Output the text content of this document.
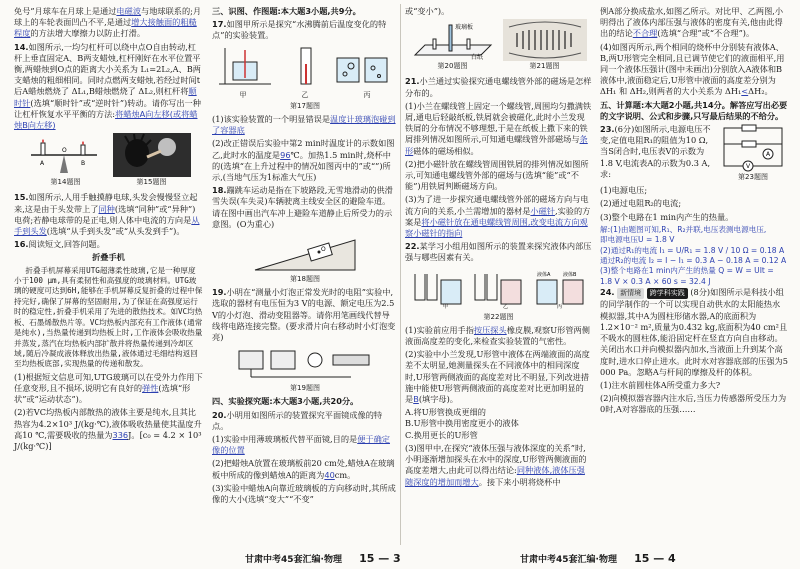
免号”月球车在月球上是通过电磁波与地球联系的;月球上的车轮表面凹凸不平,是通过增大接触面的粗糙程度的方法增大摩擦力以防止打滑。

14.如图所示,一均匀杠杆可以绕中点O自由转动,杠杆上垂直固定A、B两支蜡烛,杠杆刚好在水平位置平衡,两蜡烛到O点的距离大小关系为 L₁=2L₂,A、B两支蜡烛的粗细相同。同时点燃两支蜡烛,若经过时间t后A蜡烛燃烧了 ΔL₁,B蜡烛燃烧了 ΔL₂,则杠杆将顺时针(选填“顺时针”或“逆时针”)转动。请你写出一种让杠杆恢复水平平衡的方法:将蜡烛A向左移(或将蜡烛B向左移)

A	B
O
第14题图	第15题图

15.如图所示,人用手触摸静电球,头发会慢慢竖立起来,这是由于头发带上了同种(选填“同种”或“异种”)电荷;若静电球带的是正电,则人体中电流的方向是从手到头发(选填“从手到头发”或“从头发到手”)。

16.阅读短文,回答问题。

折叠手机

折叠手机屏幕采用UTG超薄柔性玻璃,它是一种厚度小于100 μm,具有柔韧性和高强度的玻璃材料。UTG玻璃的硬度可达到6H,能够在手机屏幕反复折叠的过程中保持完好,确保了屏幕的坚固耐用,为了保证在高强度运行时的稳定性,折叠手机采用了先进的散热技术。如VC均热板、石墨烯散热片等。VC均热板内部充有工作液体(通常是纯水),当热量传递到均热板上时,工作液体会吸收热量并蒸发,蒸汽在均热板内部扩散并将热量传递到冷却区域,随后冷凝成液体释放出热量,液体通过毛细结构返回至均热板底部,实现热量的传递和散发。

(1)根据短文信息可知,UTG玻璃可以在受外力作用下任意变形,且不损坏,说明它有良好的弹性(选填“形状”或“运动状态”)。

(2)若VC均热板内部散热的液体主要是纯水,且其比热容为4.2×10³ J/(kg·℃),液体吸收热量使其温度升高10 ℃,需要吸收的热量为336J。[c₀ = 4.2 × 10³ J/(kg·℃)]

三、识图、作图题:本大题3小题,共9分。

17.如图甲所示是探究“水沸腾前后温度变化的特点”的实验装置。

甲	乙	丙
第17题图

(1)该实验装置的一个明显错误是温度计玻璃泡碰到了容器底

(2)改正错误后实验中第2 min时温度计的示数如图乙,此时水的温度是96℃。加热1.5 min时,烧杯中的(选填“在上升过程中的情况如图丙中的”或“”)所示,(当地气压为1标准大气压)

18.蹦跳车运动是指在下坡路段,无雪地滑动的供滑雪失误(车失灵)车辆驶离主线安全区的避险车道。请在图中画出汽车冲上避险车道静止后所受力的示意图。(O为重心)

O
第18题图

19.小明在“测量小灯泡正常发光时的电阻”实验中,选取的器材有电压恒为3 V的电源、额定电压为2.5 V的小灯泡、滑动变阻器等。请你用笔画线代替导线将电路连接完整。(要求滑片向右移动时小灯泡变亮)

第19题图

四、实验探究题:本大题3小题,共20分。

20.小明用如图所示的装置探究平面镜成像的特点。

(1)实验中用薄玻璃板代替平面镜,目的是便于确定像的位置

(2)把蜡烛A放置在玻璃板前20 cm处,蜡烛A在玻璃板中所成的像到蜡烛A的距离为40cm。

(3)实验中蜡烛A向靠近玻璃板的方向移动时,其所成像的大小(选填“变大”“不变”

或“变小”)。

玻璃板
白纸
第20题图	第21题图

21.小兰通过实验探究通电螺线管外部的磁场是怎样分布的。

(1)小兰在螺线管上固定一个螺线管,周围均匀撒满铁屑,通电后轻敲纸板,铁屑就会被磁化,此时小兰发现铁屑的分布情况不够理想,于是在纸板上撒下来的铁屑排列情况如图所示,可知通电螺线管外部磁场与条形磁体的磁场相似。

(2)把小磁针放在螺线管周围铁屑的排列情况如图所示,可知通电螺线管外部的磁场与(选填“能”或“不能”)用铁屑判断磁场方向。

(3)为了进一步探究通电螺线管外部的磁场方向与电流方向的关系,小兰需增加的器材是小磁针,实验的方案是将小磁针放在通电螺线管周围,改变电流方向观察小磁针的指向

22.某学习小组用如图所示的装置来探究液体内部压强与哪些因素有关。

甲	乙	丙
液体A	液体B
第22题图

(1)实验前应用手指按压探头橡皮膜,观察U形管两侧液面高度差的变化,来检查实验装置的气密性。

(2)实验中小兰发现,U形管中液体在两端液面的高度差不太明显,她测量探头在不同液体中的相同深度时,U形管两侧液面的高度差对比不明显,下列改进措施中能使U形管两侧液面的高度差对比更加明显的是B(填字母)。

A.将U形管换成更细的
B.U形管中换用密度更小的液体
C.换用更长的U形管

(3)图甲中,在探究“液体压强与液体深度的关系”时,小明逐渐增加探头在水中的深度,U形管两侧液面的高度差增大,由此可以得出结论:同种液体,液体压强随深度的增加而增大。接下来小明将烧杯中

例A部分换成盐水,如图乙所示。对比甲、乙两图,小明得出了液体内部压强与液体的密度有关,他由此得出的结论不合理(选填“合理”或“不合理”)。

(4)如图丙所示,两个相同的烧杯中分别装有液体A、B,两U形管完全相同,且已调节使它们的液面相平,用同一个液体压强计(图中未画出)分别放入A液体和B液体中,液面稳定后,U形管中液面的高度差分别为 ΔH₁ 和 ΔH₂,则两者的大小关系为 ΔH₁<ΔH₂。

五、计算题:本大题2小题,共14分。解答应写出必要的文字说明、公式和步骤,只写最后结果的不给分。

23.(6分)如图所示,电源电压不变,定值电阻R₁的阻值为10 Ω,当S闭合时,电压表V的示数为1.8 V,电流表A的示数为0.3 A,求:

A
V
第23题图

(1)电源电压;

(2)通过电阻R₂的电流;

(3)整个电路在1 min内产生的热量。

解:(1)由题图可知,R₁、R₂并联,电压表测电源电压,
即电源电压U = 1.8 V
(2)通过R₁的电流 I₁ = U/R₁ = 1.8 V / 10 Ω = 0.18 A
通过R₂的电流 I₂ = I − I₁ = 0.3 A − 0.18 A = 0.12 A
(3)整个电路在1 min内产生的热量 Q = W = UIt = 1.8 V × 0.3 A × 60 s = 32.4 J

24. 新情境 跨学科实践 (8分)如图所示是科技小组的同学制作的一个可以实现自动供水的太阳能热水模拟器,其中A为圆柱形储水器,A的底面积为1.2×10⁻² m²,质量为0.432 kg,底面积为40 cm²且不吸水的圆柱体,能沿固定杆在竖直方向自由移动。关闭出水口并向模拟器内加水,当液面上升到某个高度时,进水口停止进水。此时水对容器底部的压强为5 000 Pa。忽略A与杆间的摩擦及杆的体积。

(1)注水前圆柱体A所受重力多大?

(2)向模拟器容器内注水后,当压力传感器所受压力为0时,A对容器底的压强……

甘肃中考45套汇编·物理 15 — 3	甘肃中考45套汇编·物理 15 — 4
